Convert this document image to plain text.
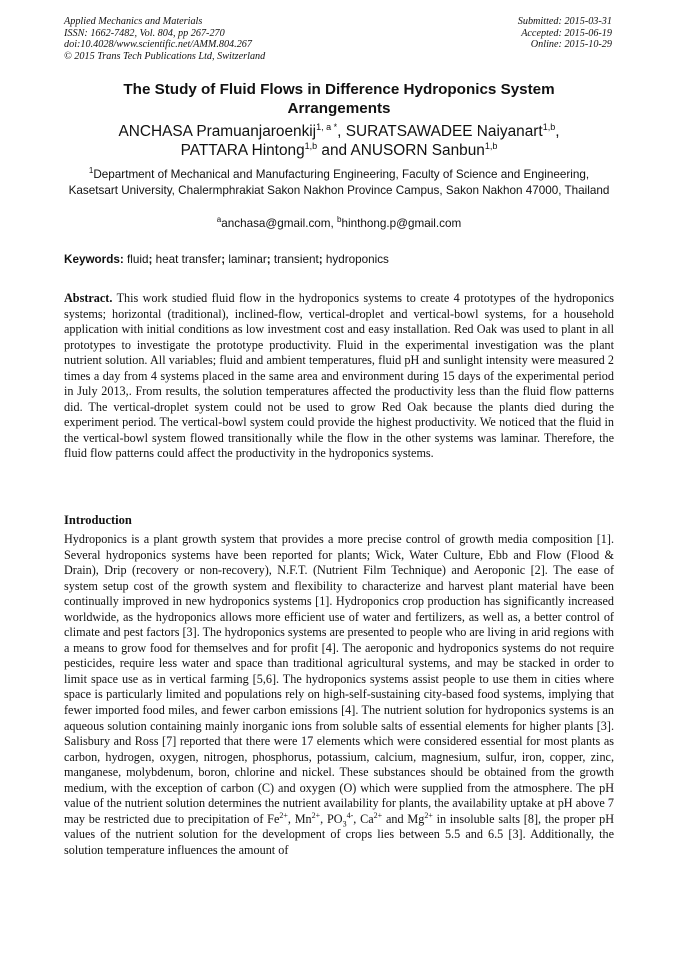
Applied Mechanics and Materials
ISSN: 1662-7482, Vol. 804, pp 267-270
doi:10.4028/www.scientific.net/AMM.804.267
© 2015 Trans Tech Publications Ltd, Switzerland
Submitted: 2015-03-31
Accepted: 2015-06-19
Online: 2015-10-29
The Study of Fluid Flows in Difference Hydroponics System
Arrangements
ANCHASA Pramuanjaroenkij$^{1, a *}$, SURATSAWADEE Naiyanart$^{1,b}$,
PATTARA Hintong$^{1,b}$ and ANUSORN Sanbun$^{1,b}$
$^1$Department of Mechanical and Manufacturing Engineering, Faculty of Science and Engineering, Kasetsart University, Chalermphrakiat Sakon Nakhon Province Campus, Sakon Nakhon 47000, Thailand
$^a$anchasa@gmail.com, $^b$hinthong.p@gmail.com
Keywords: fluid; heat transfer; laminar; transient; hydroponics
Abstract. This work studied fluid flow in the hydroponics systems to create 4 prototypes of the hydroponics systems; horizontal (traditional), inclined-flow, vertical-droplet and vertical-bowl systems, for a household application with initial conditions as low investment cost and easy installation. Red Oak was used to plant in all prototypes to investigate the prototype productivity. Fluid in the experimental investigation was the plant nutrient solution. All variables; fluid and ambient temperatures, fluid pH and sunlight intensity were measured 2 times a day from 4 systems placed in the same area and environment during 15 days of the experimental period in July 2013,. From results, the solution temperatures affected the productivity less than the fluid flow patterns did. The vertical-droplet system could not be used to grow Red Oak because the plants died during the experiment period. The vertical-bowl system could provide the highest productivity. We noticed that the fluid in the vertical-bowl system flowed transitionally while the flow in the other systems was laminar. Therefore, the fluid flow patterns could affect the productivity in the hydroponics systems.
Introduction
Hydroponics is a plant growth system that provides a more precise control of growth media composition [1]. Several hydroponics systems have been reported for plants; Wick, Water Culture, Ebb and Flow (Flood & Drain), Drip (recovery or non-recovery), N.F.T. (Nutrient Film Technique) and Aeroponic [2]. The ease of system setup cost of the growth system and flexibility to characterize and harvest plant material have been continually improved in new hydroponics systems [1]. Hydroponics crop production has significantly increased worldwide, as the hydroponics allows more efficient use of water and fertilizers, as well as, a better control of climate and pest factors [3]. The hydroponics systems are presented to people who are living in arid regions with a means to grow food for themselves and for profit [4]. The aeroponic and hydroponics systems do not require pesticides, require less water and space than traditional agricultural systems, and may be stacked in order to limit space use as in vertical farming [5,6]. The hydroponics systems assist people to use them in cities where space is particularly limited and populations rely on high-self-sustaining city-based food systems, implying that fewer imported food miles, and fewer carbon emissions [4]. The nutrient solution for hydroponics systems is an aqueous solution containing mainly inorganic ions from soluble salts of essential elements for higher plants [3]. Salisbury and Ross [7] reported that there were 17 elements which were considered essential for most plants as carbon, hydrogen, oxygen, nitrogen, phosphorus, potassium, calcium, magnesium, sulfur, iron, copper, zinc, manganese, molybdenum, boron, chlorine and nickel. These substances should be obtained from the growth medium, with the exception of carbon (C) and oxygen (O) which were supplied from the atmosphere. The pH value of the nutrient solution determines the nutrient availability for plants, the availability uptake at pH above 7 may be restricted due to precipitation of $Fe^{2+}$, $Mn^{2+}$, $PO_3^{4-}$, $Ca^{2+}$ and $Mg^{2+}$ in insoluble salts [8], the proper pH values of the nutrient solution for the development of crops lies between 5.5 and 6.5 [3]. Additionally, the solution temperature influences the amount of
